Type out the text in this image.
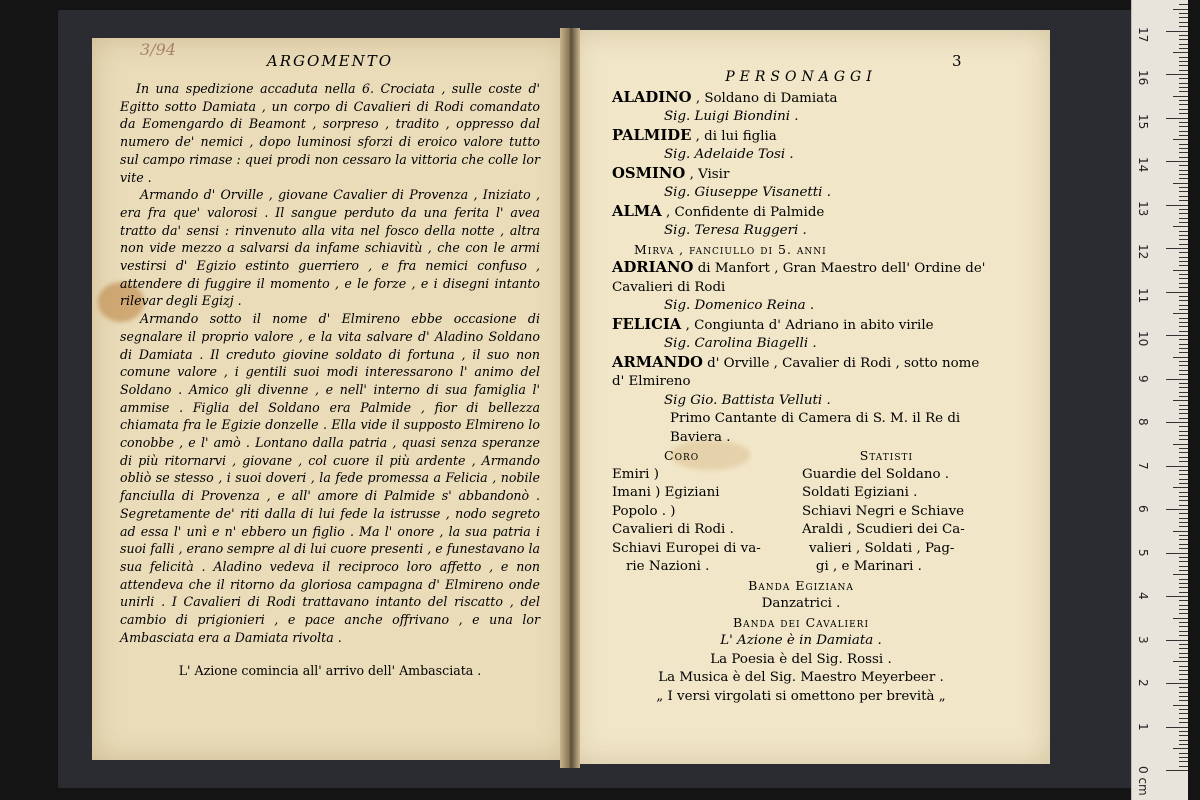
3/94

ARGOMENTO

In una spedizione accaduta nella 6. Crociata , sulle coste d' Egitto sotto Damiata , un corpo di Cavalieri di Rodi comandato da Eomengardo di Beamont , sorpreso , tradito , oppresso dal numero de' nemici , dopo luminosi sforzi di eroico valore tutto sul campo rimase : quei prodi non cessaro la vittoria che colle lor vite .

Armando d' Orville , giovane Cavalier di Provenza , Iniziato , era fra que' valorosi . Il sangue perduto da una ferita l' avea tratto da' sensi : rinvenuto alla vita nel fosco della notte , altra non vide mezzo a salvarsi da infame schiavitù , che con le armi vestirsi d' Egizio estinto guerriero , e fra nemici confuso , attendere di fuggire il momento , e le forze , e i disegni intanto rilevar degli Egizj .

Armando sotto il nome d' Elmireno ebbe occasione di segnalare il proprio valore , e la vita salvare d' Aladino Soldano di Damiata . Il creduto giovine soldato di fortuna , il suo non comune valore , i gentili suoi modi interessarono l' animo del Soldano . Amico gli divenne , e nell' interno di sua famiglia l' ammise . Figlia del Soldano era Palmide , fior di bellezza chiamata fra le Egizie donzelle . Ella vide il supposto Elmireno lo conobbe , e l' amò . Lontano dalla patria , quasi senza speranze di più ritornarvi , giovane , col cuore il più ardente , Armando obliò se stesso , i suoi doveri , la fede promessa a Felicia , nobile fanciulla di Provenza , e all' amore di Palmide s' abbandonò . Segretamente de' riti dalla di lui fede la istrusse , nodo segreto ad essa l' unì e n' ebbero un figlio . Ma l' onore , la sua patria i suoi falli , erano sempre al di lui cuore presenti , e funestavano la sua felicità . Aladino vedeva il reciproco loro affetto , e non attendeva che il ritorno da gloriosa campagna d' Elmireno onde unirli . I Cavalieri di Rodi trattavano intanto del riscatto , del cambio di prigionieri , e pace anche offrivano , e una lor Ambasciata era a Damiata rivolta .

L' Azione comincia all' arrivo dell' Ambasciata .

3

PERSONAGGI

ALADINO , Soldano di Damiata

Sig. Luigi Biondini .

PALMIDE , di lui figlia

Sig. Adelaide Tosi .

OSMINO , Visir

Sig. Giuseppe Visanetti .

ALMA , Confidente di Palmide

Sig. Teresa Ruggeri .

Mirva , fanciullo di 5. anni

ADRIANO di Manfort , Gran Maestro dell' Ordine de' Cavalieri di Rodi

Sig. Domenico Reina .

FELICIA , Congiunta d' Adriano in abito virile

Sig. Carolina Biagelli .

ARMANDO d' Orville , Cavalier di Rodi , sotto nome d' Elmireno

Sig Gio. Battista Velluti .

Primo Cantante di Camera di S. M. il Re di Baviera .

Coro	Statisti
Emiri )	Guardie del Soldano .
Imani ) Egiziani	Soldati Egiziani .
Popolo . )	Schiavi Negri e Schiave
Cavalieri di Rodi .	Araldi , Scudieri dei Ca-
Schiavi Europei di va-	valieri , Soldati , Pag-
rie Nazioni .	gi , e Marinari .

Banda Egiziana

Danzatrici .

Banda dei Cavalieri

L' Azione è in Damiata .

La Poesia è del Sig. Rossi .

La Musica è del Sig. Maestro Meyerbeer .

„ I versi virgolati si omettono per brevità „

0 cm
1
2
3
4
5
6
7
8
9
10
11
12
13
14
15
16
17
